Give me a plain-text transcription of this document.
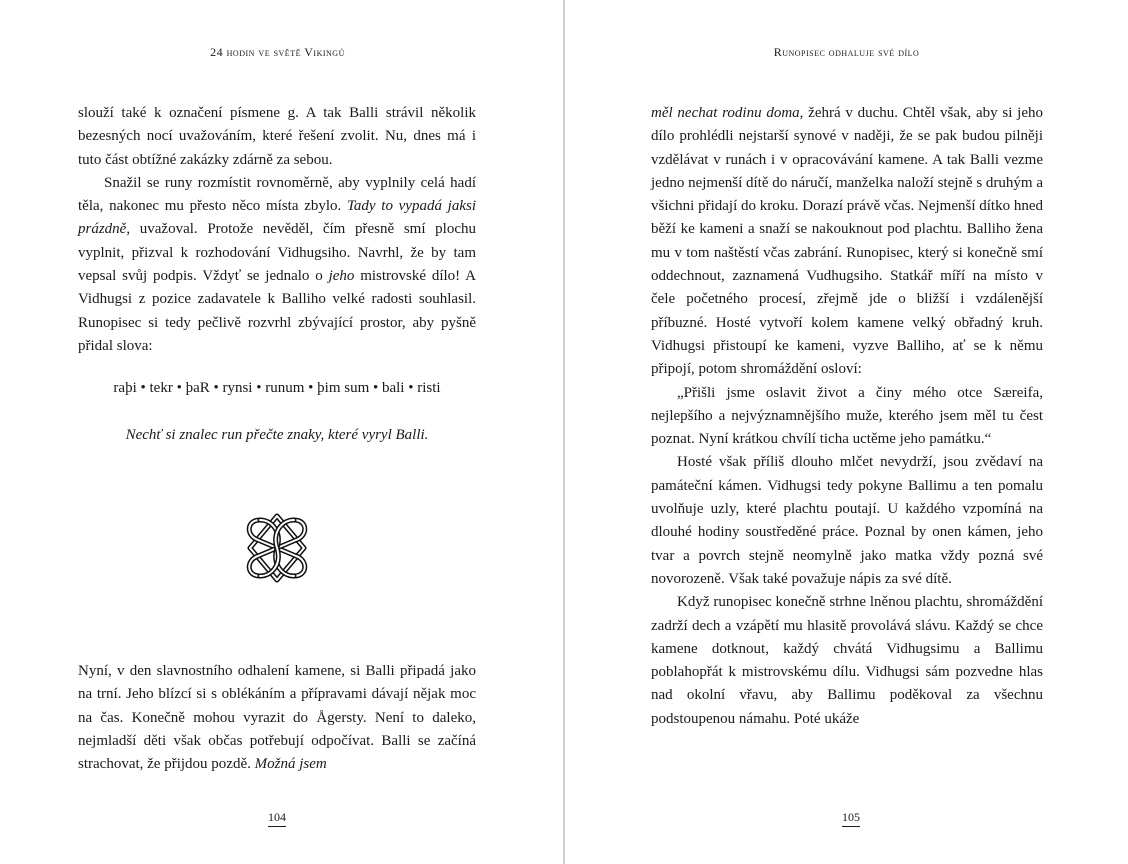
24 hodin ve světě Vikingů

slouží také k označení písmene g. A tak Balli strávil několik bezesných nocí uvažováním, které řešení zvolit. Nu, dnes má i tuto část obtížné zakázky zdárně za sebou.

Snažil se runy rozmístit rovnoměrně, aby vyplnily celá hadí těla, nakonec mu přesto něco místa zbylo. Tady to vypadá jaksi prázdně, uvažoval. Protože nevěděl, čím přesně smí plochu vyplnit, přizval k rozhodování Vidhugsiho. Navrhl, že by tam vepsal svůj podpis. Vždyť se jednalo o jeho mistrovské dílo! A Vidhugsi z pozice zadavatele k Balliho velké radosti souhlasil. Runopisec si tedy pečlivě rozvrhl zbývající prostor, aby pyšně přidal slova:

raþi • tekr • þaR • rynsi • runum • þim sum • bali • risti
Nechť si znalec run přečte znaky, které vyryl Balli.

Nyní, v den slavnostního odhalení kamene, si Balli připadá jako na trní. Jeho blízcí si s oblékáním a přípravami dávají nějak moc na čas. Konečně mohou vyrazit do Ågersty. Není to daleko, nejmladší děti však občas potřebují odpočívat. Balli se začíná strachovat, že přijdou pozdě. Možná jsem

104
Runopisec odhaluje své dílo

měl nechat rodinu doma, žehrá v duchu. Chtěl však, aby si jeho dílo prohlédli nejstarší synové v naději, že se pak budou pilněji vzdělávat v runách i v opracovávání kamene. A tak Balli vezme jedno nejmenší dítě do náručí, manželka naloží stejně s druhým a všichni přidají do kroku. Dorazí právě včas. Nejmenší dítko hned běží ke kameni a snaží se nakouknout pod plachtu. Balliho žena mu v tom naštěstí včas zabrání. Runopisec, který si konečně smí oddechnout, zaznamená Vudhugsiho. Statkář míří na místo v čele početného procesí, zřejmě jde o bližší i vzdálenější příbuzné. Hosté vytvoří kolem kamene velký obřadný kruh. Vidhugsi přistoupí ke kameni, vyzve Balliho, ať se k němu připojí, potom shromáždění osloví:

„Přišli jsme oslavit život a činy mého otce Særeifa, nejlepšího a nejvýznamnějšího muže, kterého jsem měl tu čest poznat. Nyní krátkou chvílí ticha uctěme jeho památku.“

Hosté však příliš dlouho mlčet nevydrží, jsou zvědaví na památeční kámen. Vidhugsi tedy pokyne Ballimu a ten pomalu uvolňuje uzly, které plachtu poutají. U každého vzpomíná na dlouhé hodiny soustředěné práce. Poznal by onen kámen, jeho tvar a povrch stejně neomylně jako matka vždy pozná své novorozeně. Však také považuje nápis za své dítě.

Když runopisec konečně strhne lněnou plachtu, shromáždění zadrží dech a vzápětí mu hlasitě provolává slávu. Každý se chce kamene dotknout, každý chvátá Vidhugsimu a Ballimu poblahopřát k mistrovskému dílu. Vidhugsi sám pozvedne hlas nad okolní vřavu, aby Ballimu poděkoval za všechnu podstoupenou námahu. Poté ukáže

105
